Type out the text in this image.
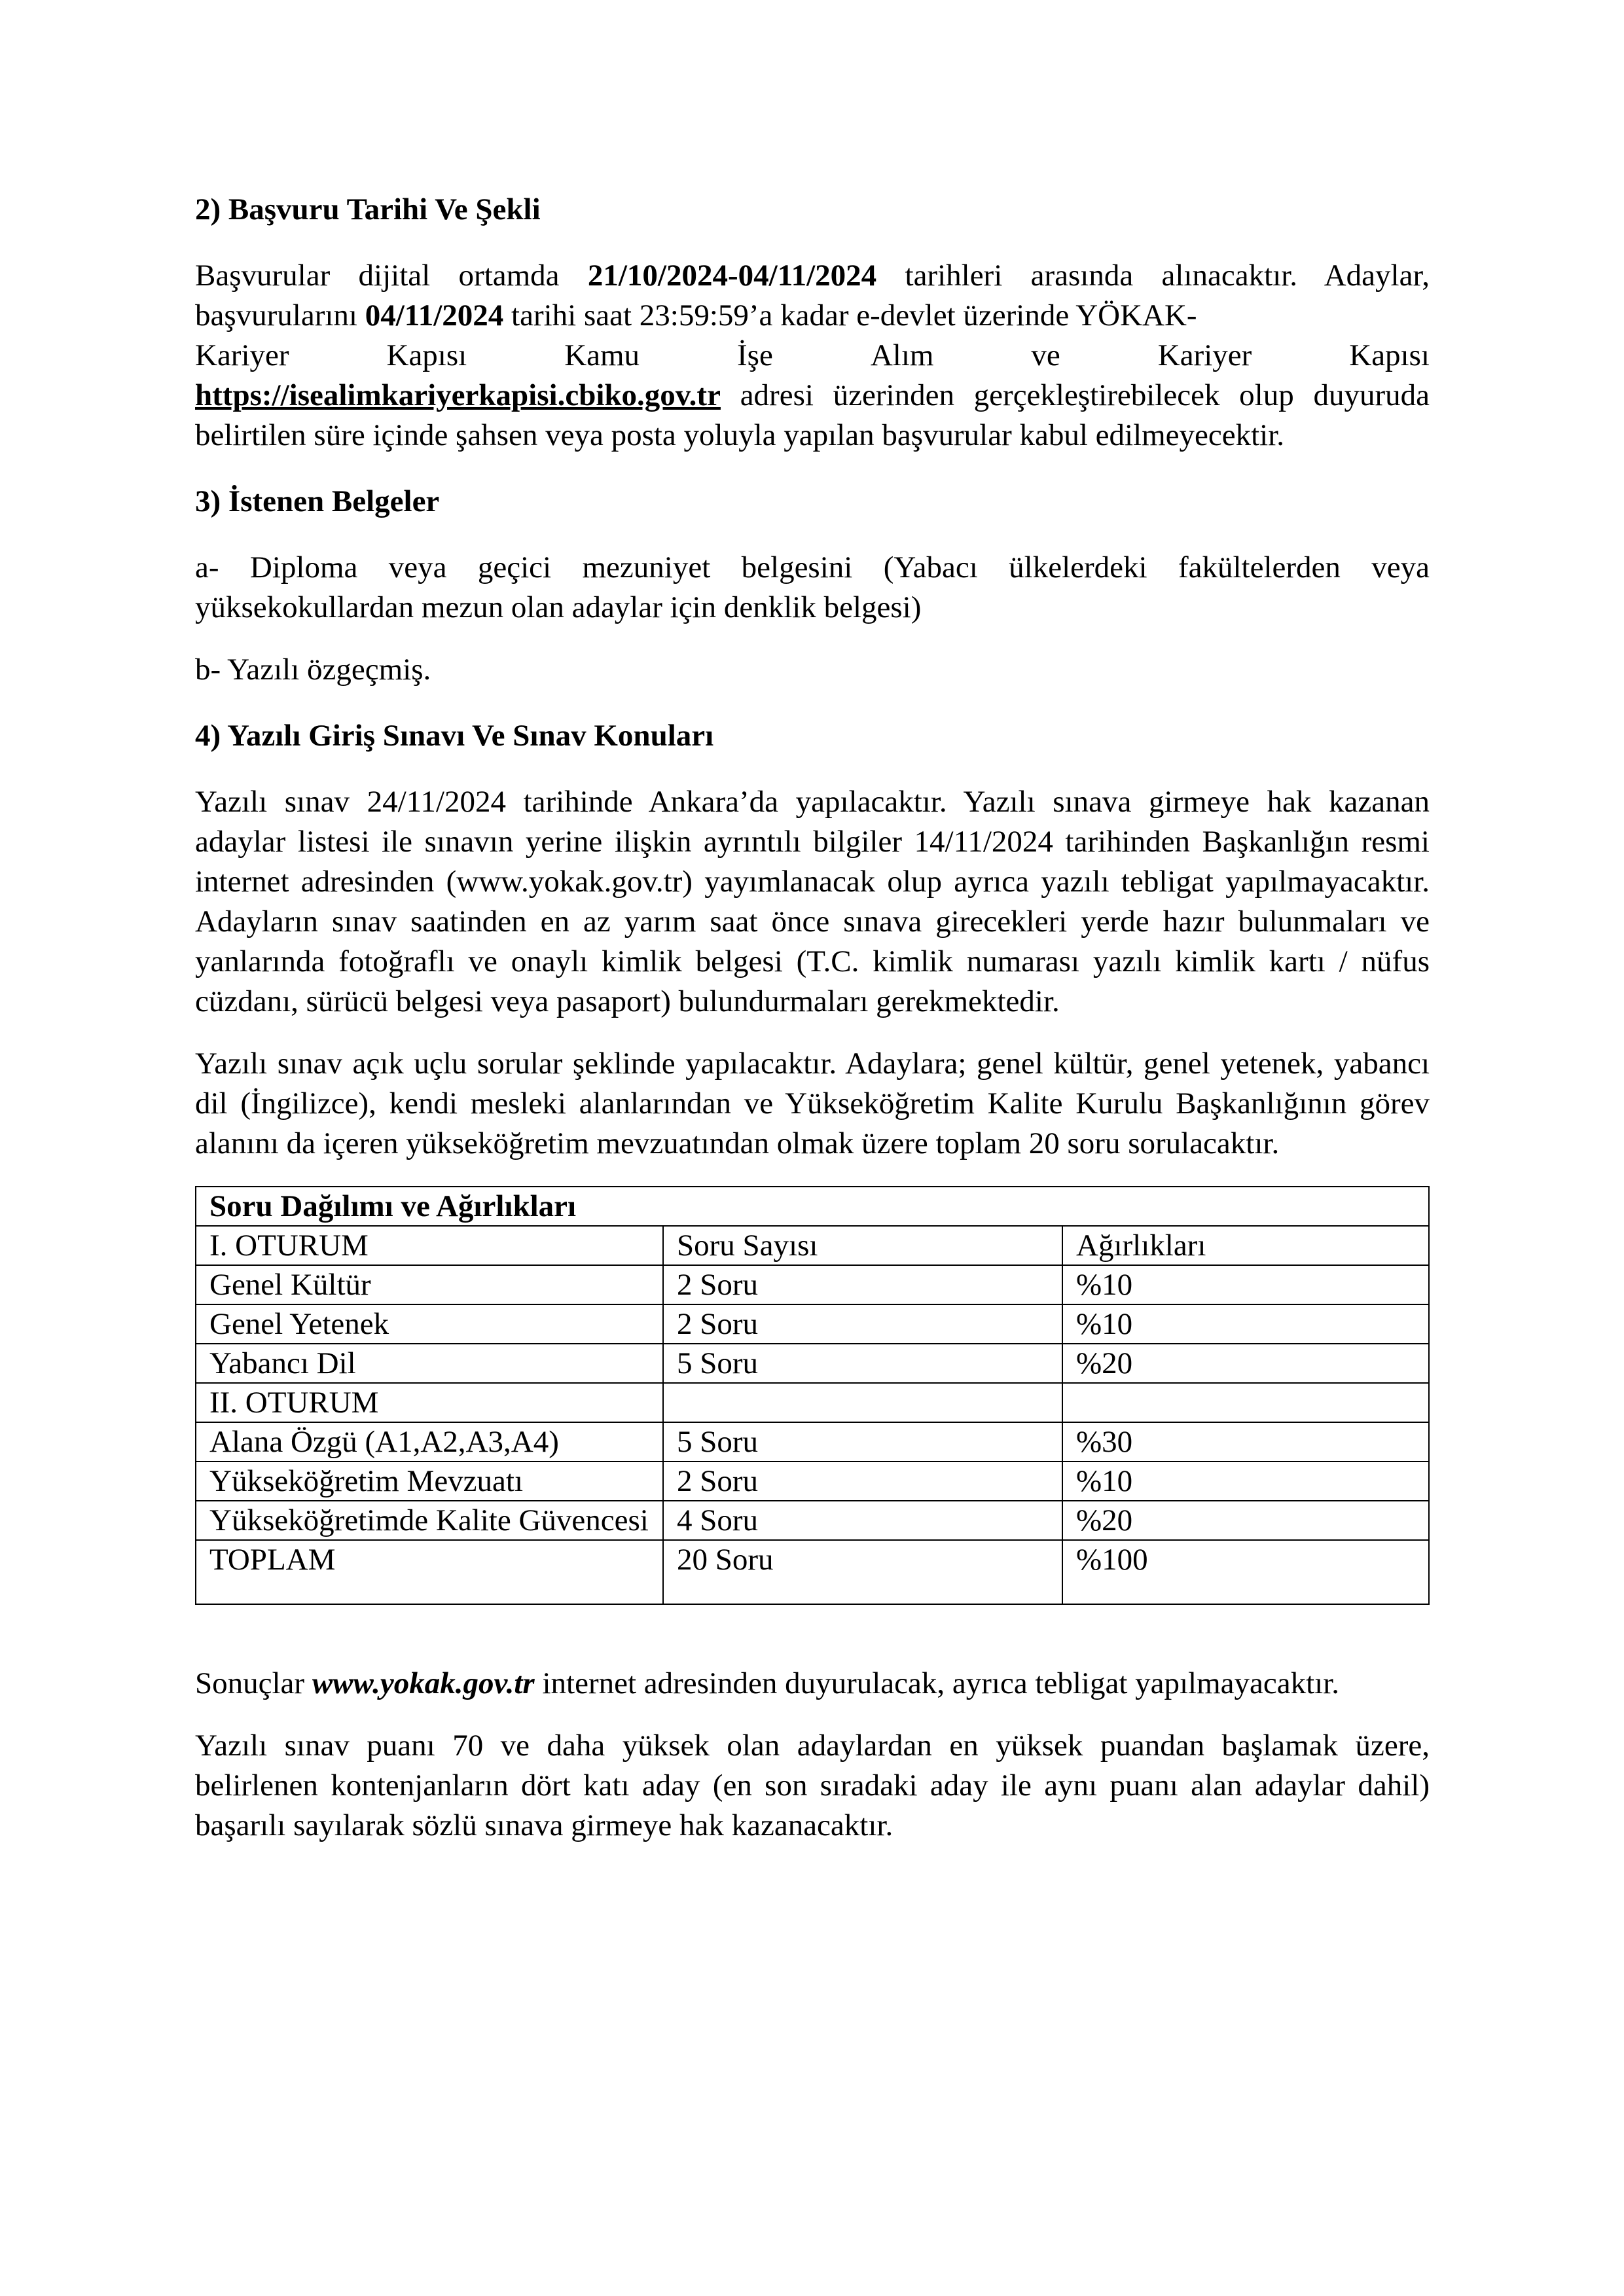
2) Başvuru Tarihi Ve Şekli

Başvurular dijital ortamda 21/10/2024-04/11/2024 tarihleri arasında alınacaktır. Adaylar, başvurularını 04/11/2024 tarihi saat 23:59:59’a kadar e-devlet üzerinde YÖKAK-
Kariyer	Kapısı	Kamu	İşe	Alım	ve	Kariyer	Kapısı
https://isealimkariyerkapisi.cbiko.gov.tr adresi üzerinden gerçekleştirebilecek olup duyuruda belirtilen süre içinde şahsen veya posta yoluyla yapılan başvurular kabul edilmeyecektir.

3) İstenen Belgeler

a- Diploma veya geçici mezuniyet belgesini (Yabacı ülkelerdeki fakültelerden veya yüksekokullardan mezun olan adaylar için denklik belgesi)

b- Yazılı özgeçmiş.

4) Yazılı Giriş Sınavı Ve Sınav Konuları

Yazılı sınav 24/11/2024 tarihinde Ankara’da yapılacaktır. Yazılı sınava girmeye hak kazanan adaylar listesi ile sınavın yerine ilişkin ayrıntılı bilgiler 14/11/2024 tarihinden Başkanlığın resmi internet adresinden (www.yokak.gov.tr) yayımlanacak olup ayrıca yazılı tebligat yapılmayacaktır. Adayların sınav saatinden en az yarım saat önce sınava girecekleri yerde hazır bulunmaları ve yanlarında fotoğraflı ve onaylı kimlik belgesi (T.C. kimlik numarası yazılı kimlik kartı / nüfus cüzdanı, sürücü belgesi veya pasaport) bulundurmaları gerekmektedir.

Yazılı sınav açık uçlu sorular şeklinde yapılacaktır. Adaylara; genel kültür, genel yetenek, yabancı dil (İngilizce), kendi mesleki alanlarından ve Yükseköğretim Kalite Kurulu Başkanlığının görev alanını da içeren yükseköğretim mevzuatından olmak üzere toplam 20 soru sorulacaktır.

Soru Dağılımı ve Ağırlıkları		
I. OTURUM	Soru Sayısı	Ağırlıkları
Genel Kültür	2 Soru	%10
Genel Yetenek	2 Soru	%10
Yabancı Dil	5 Soru	%20
II. OTURUM		
Alana Özgü (A1,A2,A3,A4)	5 Soru	%30
Yükseköğretim Mevzuatı	2 Soru	%10
Yükseköğretimde Kalite Güvencesi	4 Soru	%20
TOPLAM	20 Soru	%100

Sonuçlar www.yokak.gov.tr internet adresinden duyurulacak, ayrıca tebligat yapılmayacaktır.

Yazılı sınav puanı 70 ve daha yüksek olan adaylardan en yüksek puandan başlamak üzere, belirlenen kontenjanların dört katı aday (en son sıradaki aday ile aynı puanı alan adaylar dahil) başarılı sayılarak sözlü sınava girmeye hak kazanacaktır.
